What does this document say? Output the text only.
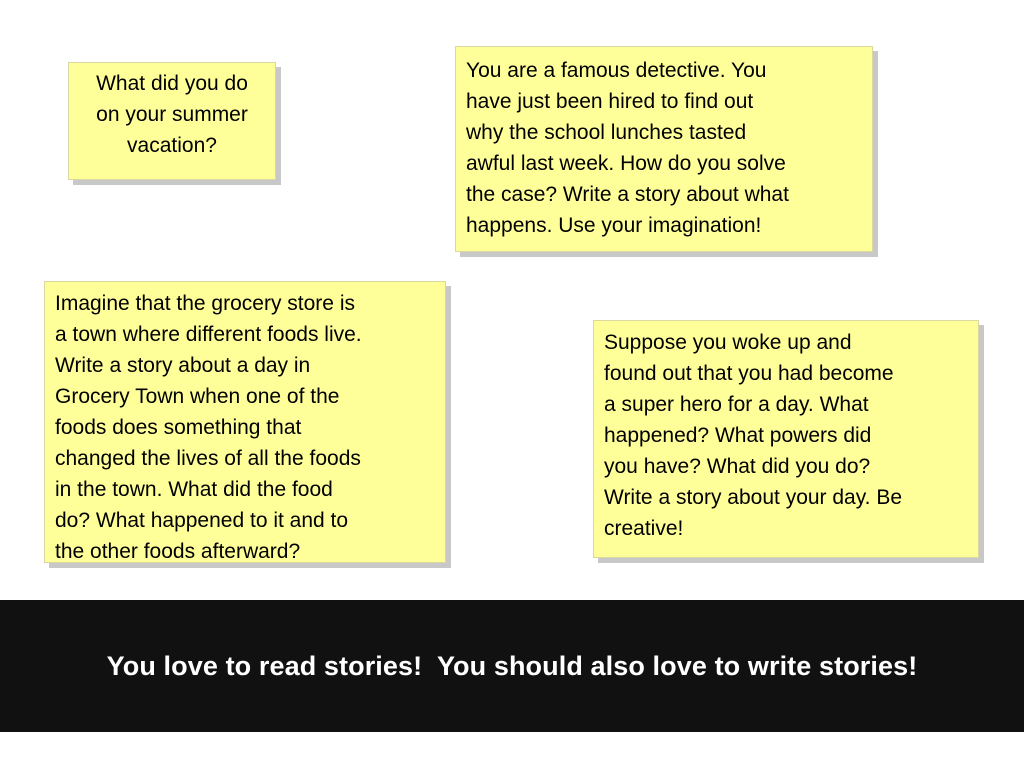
What did you do
on your summer
vacation?
You are a famous detective. You
have just been hired to find out
why the school lunches tasted
awful last week. How do you solve
the case? Write a story about what
happens. Use your imagination!
Imagine that the grocery store is
a town where different foods live.
Write a story about a day in
Grocery Town when one of the
foods does something that
changed the lives of all the foods
in the town. What did the food
do? What happened to it and to
the other foods afterward?
Suppose you woke up and
found out that you had become
a super hero for a day. What
happened? What powers did
you have? What did you do?
Write a story about your day. Be
creative!
You love to read stories!  You should also love to write stories!
